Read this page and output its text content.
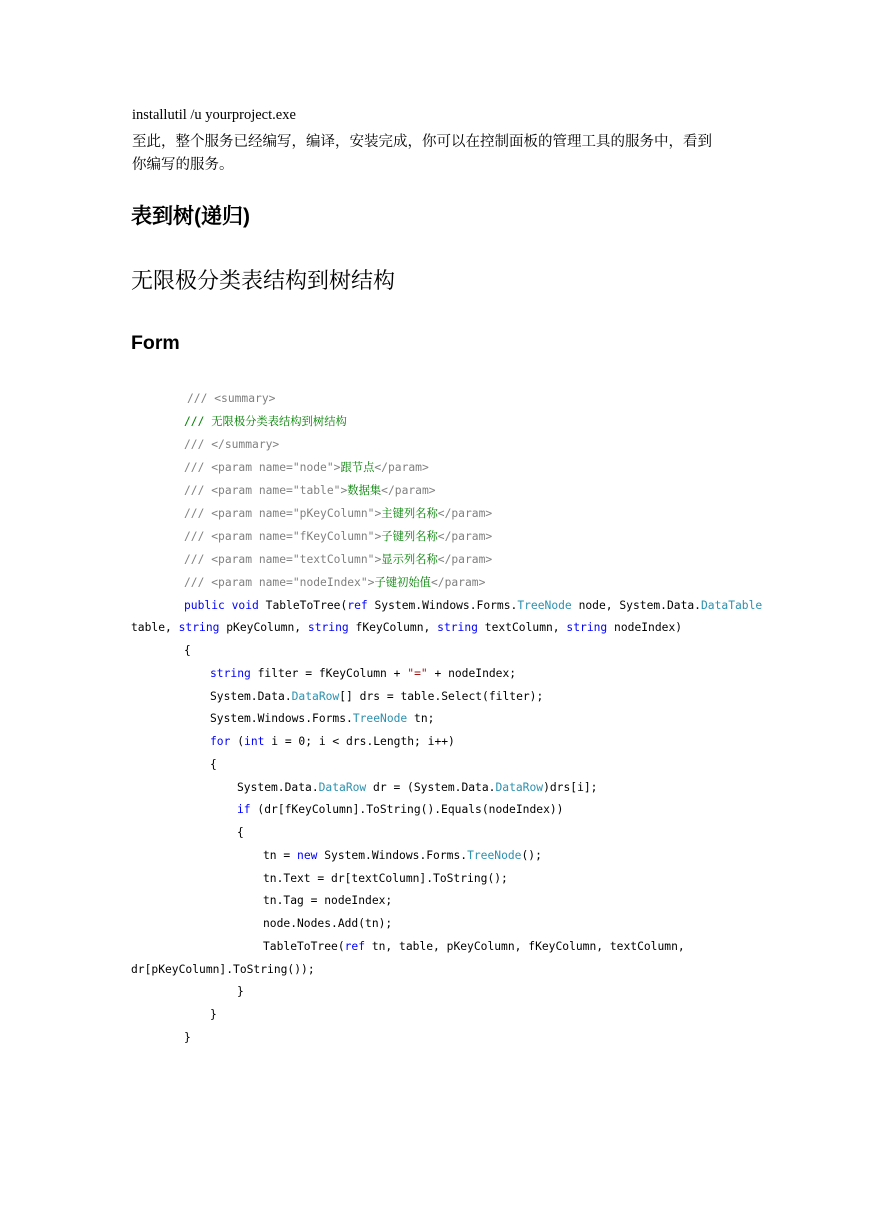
installutil /u yourproject.exe
至此，整个服务已经编写，编译，安装完成，你可以在控制面板的管理工具的服务中，看到
你编写的服务。
表到树(递归)
无限极分类表结构到树结构
Form
/// <summary>
/// 无限极分类表结构到树结构
/// </summary>
/// <param name="node">跟节点</param>
/// <param name="table">数据集</param>
/// <param name="pKeyColumn">主键列名称</param>
/// <param name="fKeyColumn">子键列名称</param>
/// <param name="textColumn">显示列名称</param>
/// <param name="nodeIndex">子键初始值</param>
public void TableToTree(ref System.Windows.Forms.TreeNode node, System.Data.DataTable
table, string pKeyColumn, string fKeyColumn, string textColumn, string nodeIndex)
{
string filter = fKeyColumn + "=" + nodeIndex;
System.Data.DataRow[] drs = table.Select(filter);
System.Windows.Forms.TreeNode tn;
for (int i = 0; i < drs.Length; i++)
{
System.Data.DataRow dr = (System.Data.DataRow)drs[i];
if (dr[fKeyColumn].ToString().Equals(nodeIndex))
{
tn = new System.Windows.Forms.TreeNode();
tn.Text = dr[textColumn].ToString();
tn.Tag = nodeIndex;
node.Nodes.Add(tn);
TableToTree(ref tn, table, pKeyColumn, fKeyColumn, textColumn,
dr[pKeyColumn].ToString());
}
}
}
